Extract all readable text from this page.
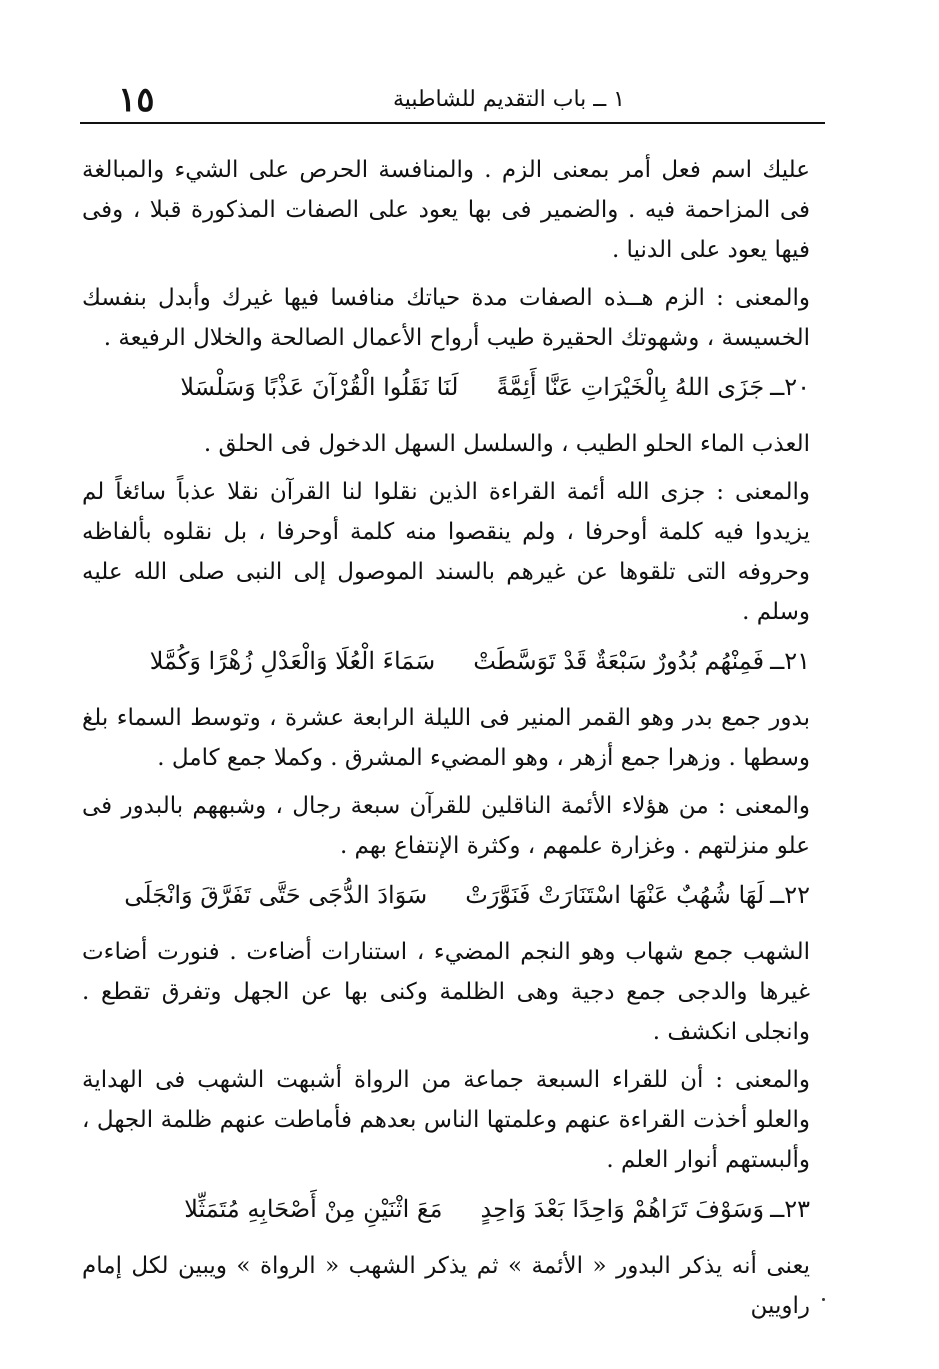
١٥	١ ــ باب التقديم للشاطبية

عليك اسم فعل أمر بمعنى الزم . والمنافسة الحرص على الشيء والمبالغة فى المزاحمة فيه . والضمير فى بها يعود على الصفات المذكورة قبلا ، وفى فيها يعود على الدنيا .

والمعنى : الزم هــذه الصفات مدة حياتك منافسا فيها غيرك وأبدل بنفسك الخسيسة ، وشهوتك الحقيرة طيب أرواح الأعمال الصالحة والخلال الرفيعة .

٢٠ــجَزَى اللهُ بِالْخَيْرَاتِ عَنَّا أَئِمَّةًلَنَا نَقَلُوا الْقُرْآنَ عَذْبًا وَسَلْسَلا

العذب الماء الحلو الطيب ، والسلسل السهل الدخول فى الحلق .

والمعنى : جزى الله أئمة القراءة الذين نقلوا لنا القرآن نقلا عذباً سائغاً لم يزيدوا فيه كلمة أوحرفا ، ولم ينقصوا منه كلمة أوحرفا ، بل نقلوه بألفاظه وحروفه التى تلقوها عن غيرهم بالسند الموصول إلى النبى صلى الله عليه وسلم .

٢١ــفَمِنْهُم بُدُورٌ سَبْعَةٌ قَدْ تَوَسَّطَتْسَمَاءَ الْعُلَا وَالْعَدْلِ زُهْرًا وَكُمَّلا

بدور جمع بدر وهو القمر المنير فى الليلة الرابعة عشرة ، وتوسط السماء بلغ وسطها . وزهرا جمع أزهر ، وهو المضيء المشرق . وكملا جمع كامل .

والمعنى : من هؤلاء الأئمة الناقلين للقرآن سبعة رجال ، وشبههم بالبدور فى علو منزلتهم . وغزارة علمهم ، وكثرة الإنتفاع بهم .

٢٢ــلَهَا شُهُبٌ عَنْهَا اسْتَنَارَتْ فَنَوَّرَتْسَوَادَ الدُّجَى حَتَّى تَفَرَّقَ وَانْجَلَى

الشهب جمع شهاب وهو النجم المضيء ، استنارات أضاءت . فنورت أضاءت غيرها والدجى جمع دجية وهى الظلمة وكنى بها عن الجهل وتفرق تقطع . وانجلى انكشف .

والمعنى : أن للقراء السبعة جماعة من الرواة أشبهت الشهب فى الهداية والعلو أخذت القراءة عنهم وعلمتها الناس بعدهم فأماطت عنهم ظلمة الجهل ، وألبستهم أنوار العلم .

٢٣ــوَسَوْفَ تَرَاهُمْ وَاحِدًا بَعْدَ وَاحِدٍمَعَ اثْنَيْنِ مِنْ أَصْحَابِهِ مُتَمَثِّلا

يعنى أنه يذكر البدور « الأئمة » ثم يذكر الشهب « الرواة » ويبين لكل إمام راويين
